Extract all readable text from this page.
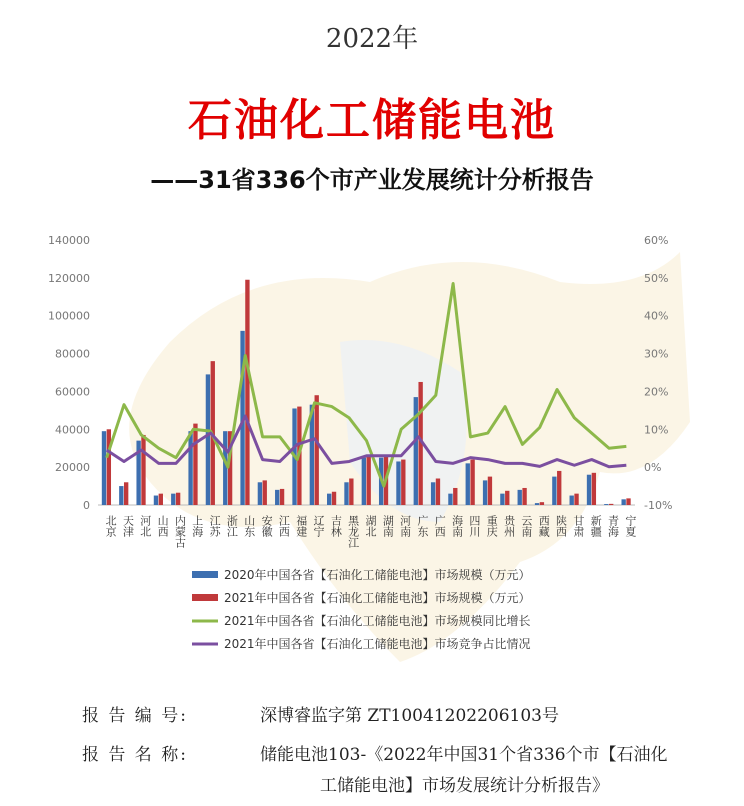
2022年
石油化工储能电池
——31省336个市产业发展统计分析报告
0
20000
40000
60000
80000
100000
120000
140000
-10%
0%
10%
20%
30%
40%
50%
60%
北京 天津 河北 山西 内蒙古 上海 江苏 浙江 山东 安徽 江西 福建 辽宁 吉林 黑龙江 湖北 湖南 河南 广东 广西 海南 四川 重庆 贵州 云南 西藏 陕西 甘肃 新疆 青海 宁夏
2020年中国各省【石油化工储能电池】市场规模（万元）
2021年中国各省【石油化工储能电池】市场规模（万元）
2021年中国各省【石油化工储能电池】市场规模同比增长
2021年中国各省【石油化工储能电池】市场竞争占比情况
报 告 编 号:	深博睿监字第 ZT10041202206103号
报 告 名 称:	储能电池103-《2022年中国31个省336个市【石油化
工储能电池】市场发展统计分析报告》
